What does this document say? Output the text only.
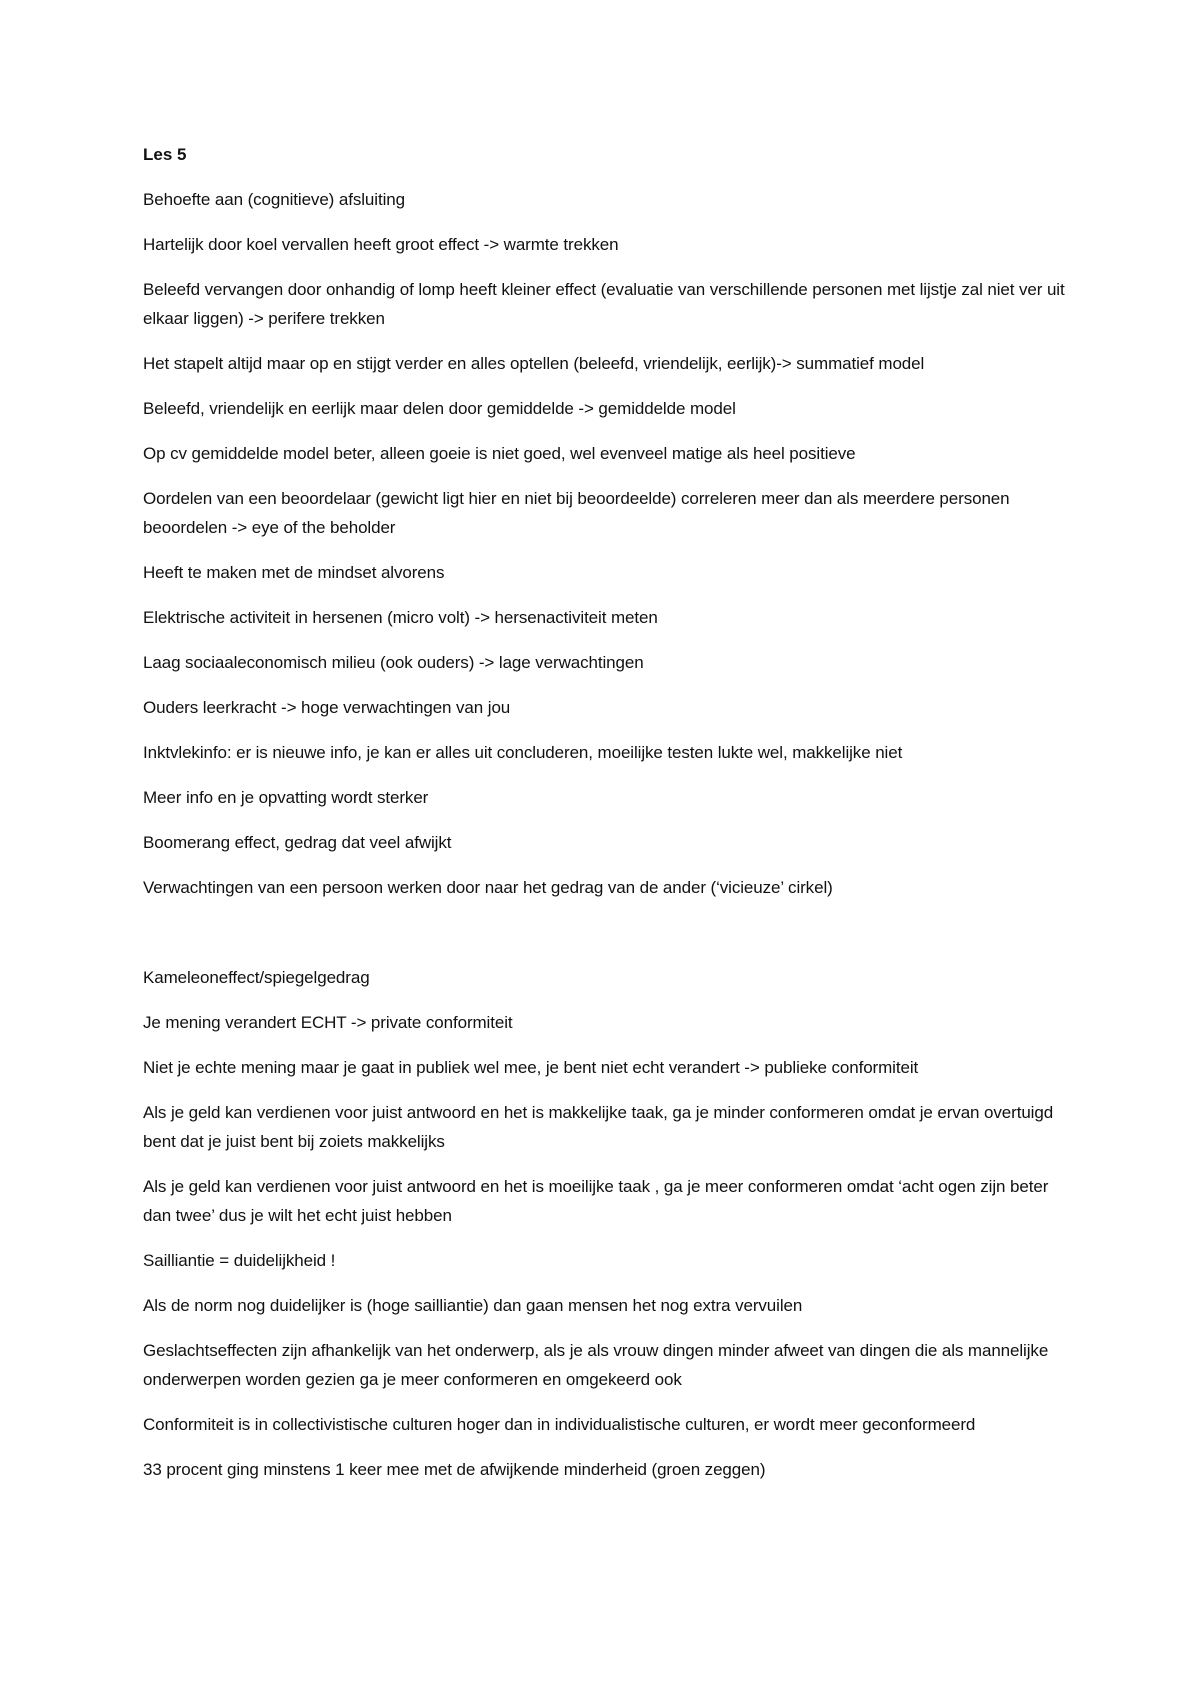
Les 5

Behoefte aan (cognitieve) afsluiting

Hartelijk door koel vervallen heeft groot effect -> warmte trekken

Beleefd vervangen door onhandig of lomp heeft kleiner effect (evaluatie van verschillende personen met lijstje zal niet ver uit elkaar liggen) -> perifere trekken

Het stapelt altijd maar op en stijgt verder en alles optellen (beleefd, vriendelijk, eerlijk)-> summatief model

Beleefd, vriendelijk en eerlijk maar delen door gemiddelde -> gemiddelde model

Op cv gemiddelde model beter, alleen goeie is niet goed, wel evenveel matige als heel positieve

Oordelen van een beoordelaar (gewicht ligt hier en niet bij beoordeelde) correleren meer dan als meerdere personen beoordelen -> eye of the beholder

Heeft te maken met de mindset alvorens

Elektrische activiteit in hersenen (micro volt) -> hersenactiviteit meten

Laag sociaaleconomisch milieu (ook ouders) -> lage verwachtingen

Ouders leerkracht -> hoge verwachtingen van jou

Inktvlekinfo: er is nieuwe info, je kan er alles uit concluderen, moeilijke testen lukte wel, makkelijke niet

Meer info en je opvatting wordt sterker

Boomerang effect, gedrag dat veel afwijkt

Verwachtingen van een persoon werken door naar het gedrag van de ander (‘vicieuze’ cirkel)

Kameleoneffect/spiegelgedrag

Je mening verandert ECHT -> private conformiteit

Niet je echte mening maar je gaat in publiek wel mee, je bent niet echt verandert -> publieke conformiteit

Als je geld kan verdienen voor juist antwoord en het is makkelijke taak, ga je minder conformeren omdat je ervan overtuigd bent dat je juist bent bij zoiets makkelijks

Als je geld kan verdienen voor juist antwoord en het is moeilijke taak , ga je meer conformeren omdat ‘acht ogen zijn beter dan twee’ dus je wilt het echt juist hebben

Sailliantie = duidelijkheid !

Als de norm nog duidelijker is (hoge sailliantie) dan gaan mensen het nog extra vervuilen

Geslachtseffecten zijn afhankelijk van het onderwerp, als je als vrouw dingen minder afweet van dingen die als mannelijke onderwerpen worden gezien ga je meer conformeren en omgekeerd ook

Conformiteit is in collectivistische culturen hoger dan in individualistische culturen, er wordt meer geconformeerd

33 procent ging minstens 1 keer mee met de afwijkende minderheid (groen zeggen)
